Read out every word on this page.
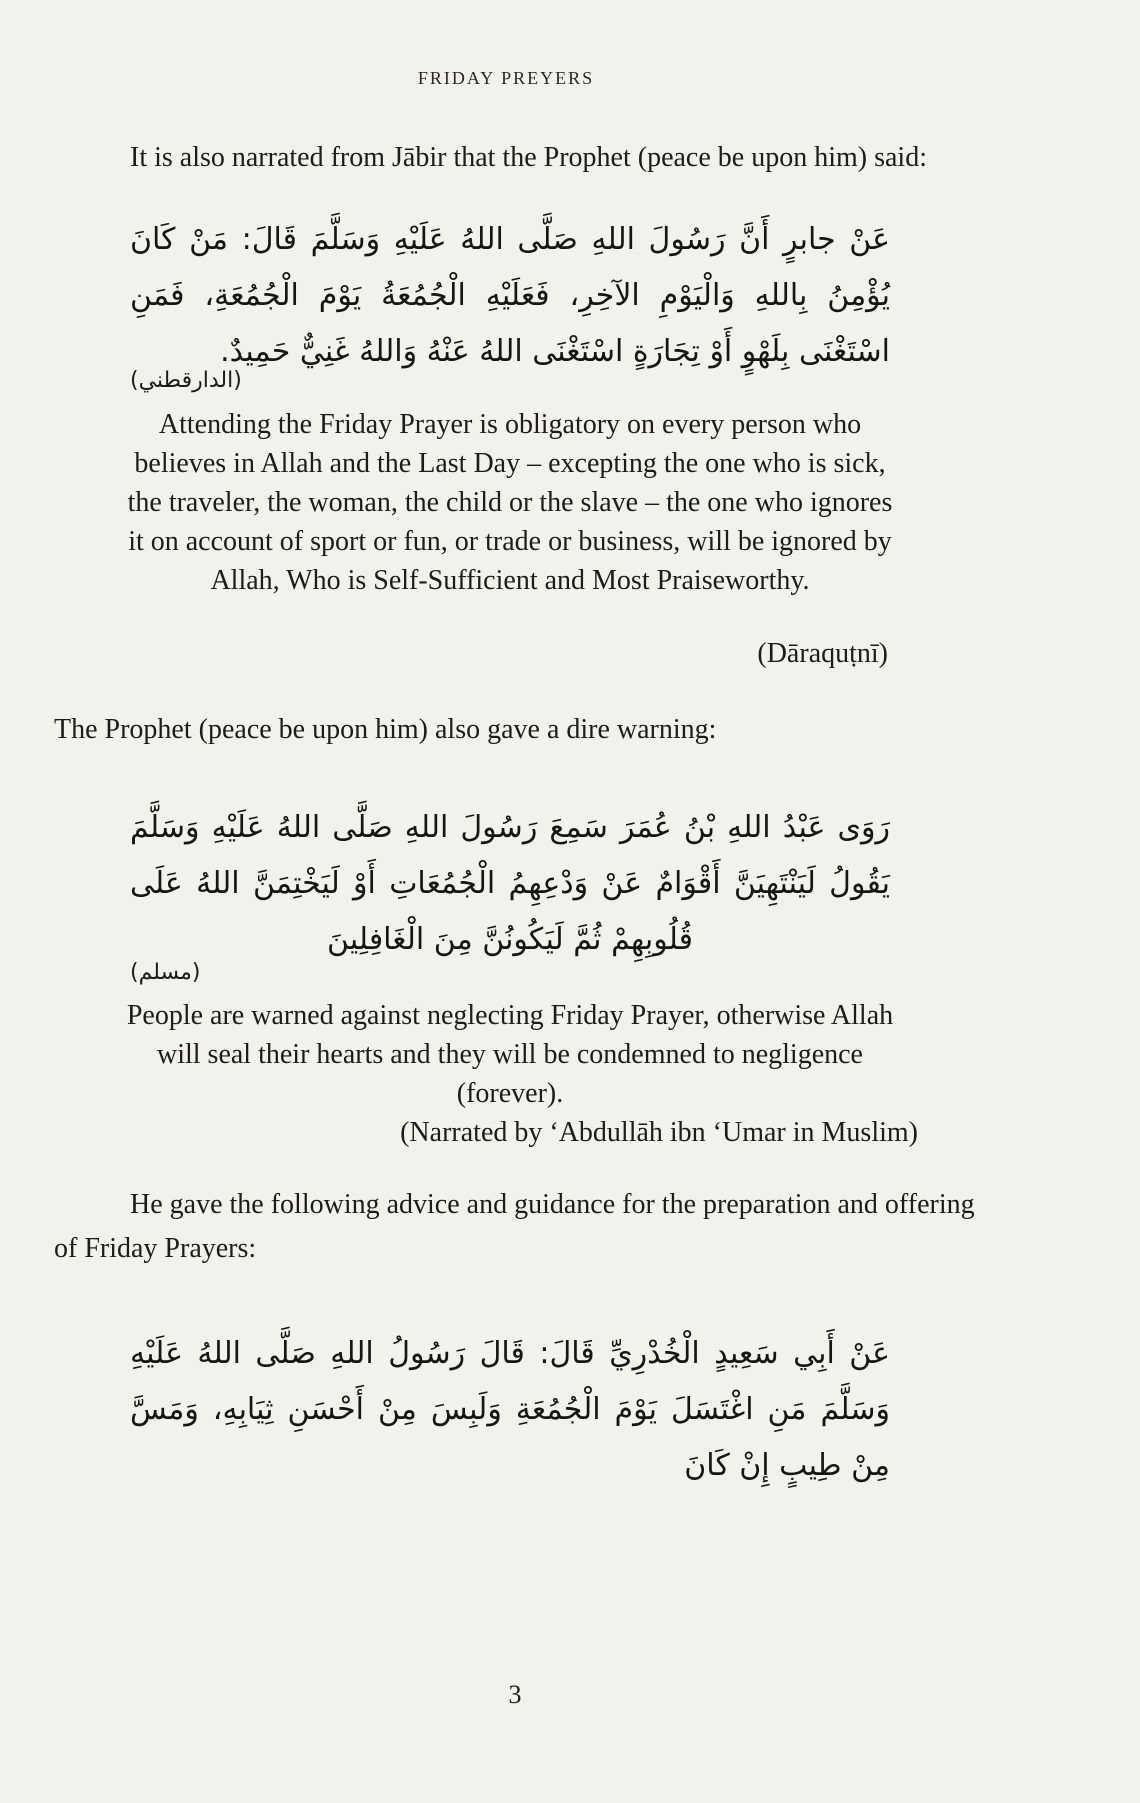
FRIDAY PREYERS
It is also narrated from Jābir that the Prophet (peace be upon him) said:
عَنْ جابرٍ أَنَّ رَسُولَ اللهِ صَلَّى اللهُ عَلَيْهِ وَسَلَّمَ قَالَ: مَنْ كَانَ يُؤْمِنُ بِاللهِ وَالْيَوْمِ الآخِرِ، فَعَلَيْهِ الْجُمُعَةُ يَوْمَ الْجُمُعَةِ، فَمَنِ اسْتَغْنَى بِلَهْوٍ أَوْ تِجَارَةٍ اسْتَغْنَى اللهُ عَنْهُ وَاللهُ غَنِيٌّ حَمِيدٌ.
(الدارقطني)
Attending the Friday Prayer is obligatory on every person who believes in Allah and the Last Day – excepting the one who is sick, the traveler, the woman, the child or the slave – the one who ignores it on account of sport or fun, or trade or business, will be ignored by Allah, Who is Self-Sufficient and Most Praiseworthy.
(Dāraquṭnī)
The Prophet (peace be upon him) also gave a dire warning:
رَوَى عَبْدُ اللهِ بْنُ عُمَرَ سَمِعَ رَسُولَ اللهِ صَلَّى اللهُ عَلَيْهِ وَسَلَّمَ يَقُولُ لَيَنْتَهِيَنَّ أَقْوَامٌ عَنْ وَدْعِهِمُ الْجُمُعَاتِ أَوْ لَيَخْتِمَنَّ اللهُ عَلَى قُلُوبِهِمْ ثُمَّ لَيَكُونُنَّ مِنَ الْغَافِلِينَ
(مسلم)
People are warned against neglecting Friday Prayer, otherwise Allah will seal their hearts and they will be condemned to negligence (forever).
(Narrated by ‘Abdullāh ibn ‘Umar in Muslim)
He gave the following advice and guidance for the preparation and offering of Friday Prayers:
عَنْ أَبِي سَعِيدٍ الْخُدْرِيِّ قَالَ: قَالَ رَسُولُ اللهِ صَلَّى اللهُ عَلَيْهِ وَسَلَّمَ مَنِ اغْتَسَلَ يَوْمَ الْجُمُعَةِ وَلَبِسَ مِنْ أَحْسَنِ ثِيَابِهِ، وَمَسَّ مِنْ طِيبٍ إِنْ كَانَ
3
